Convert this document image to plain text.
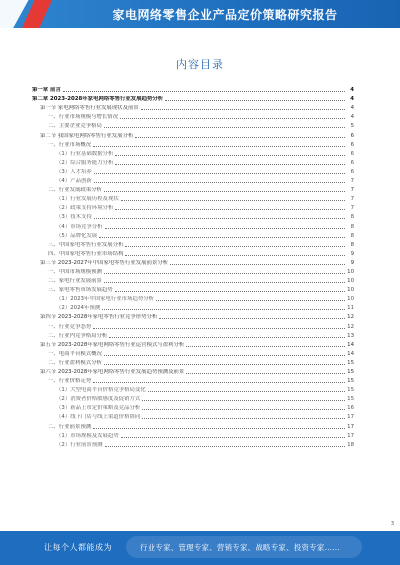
家电网络零售企业产品定价策略研究报告
内容目录
第一章 前言	4
第二章 2023-2028年家电网络零售行业发展趋势分析	4
第一节 家电网络零售行业发展现状及前景	4
一、行业市场规模与增长情况	4
二、主要企业竞争格局	5
第二节 我国家电网络零售行业发展分析	6
一、行业市场概况	6
（1）行业基础数据分析	6
（2）综合服务能力分析	6
（3）人才培养	6
（4）产品创新	7
二、行业发展政策分析	7
（1）行业发展历程及现状	7
（2）政策支持环境分析	7
（3）技术支持	8
（4）市场竞争分析	8
（5）品牌化发展	8
三、中国家电零售行业发展分析	8
四、中国家电零售行业市场结构	9
第三节 2023-2027年中国家电零售行业发展前景分析	9
一、中国市场规模预测	10
二、家电行业发展前景	10
三、家电零售市场发展趋势	10
（1）2023年中国家电行业市场趋势分析	10
（2）2024年预测	11
第四节 2023-2028年家电零售行业竞争形势分析	12
一、行业竞争态势	12
二、行业内竞争格局分析	13
第五节 2023-2028年家电网络零售行业运营模式与盈利分析	14
一、电商平台模式概况	14
二、行业盈利模式分析	15
第六节 2023-2028年家电网络零售行业发展趋势预测及前景	15
一、行业价格走势	15
（1）大型电商平台价格竞争格局变化	15
（2）消费者价格敏感度及促销方式	15
（3）新品上市定价策略及竞品分析	16
（4）线下门店与线上渠道价格协同	17
二、行业前景预测	17
（1）市场规模及发展趋势	17
（2）行业前景预测	18
3
让每个人都能成为	行业专家、管理专家、营销专家、战略专家、投资专家……
